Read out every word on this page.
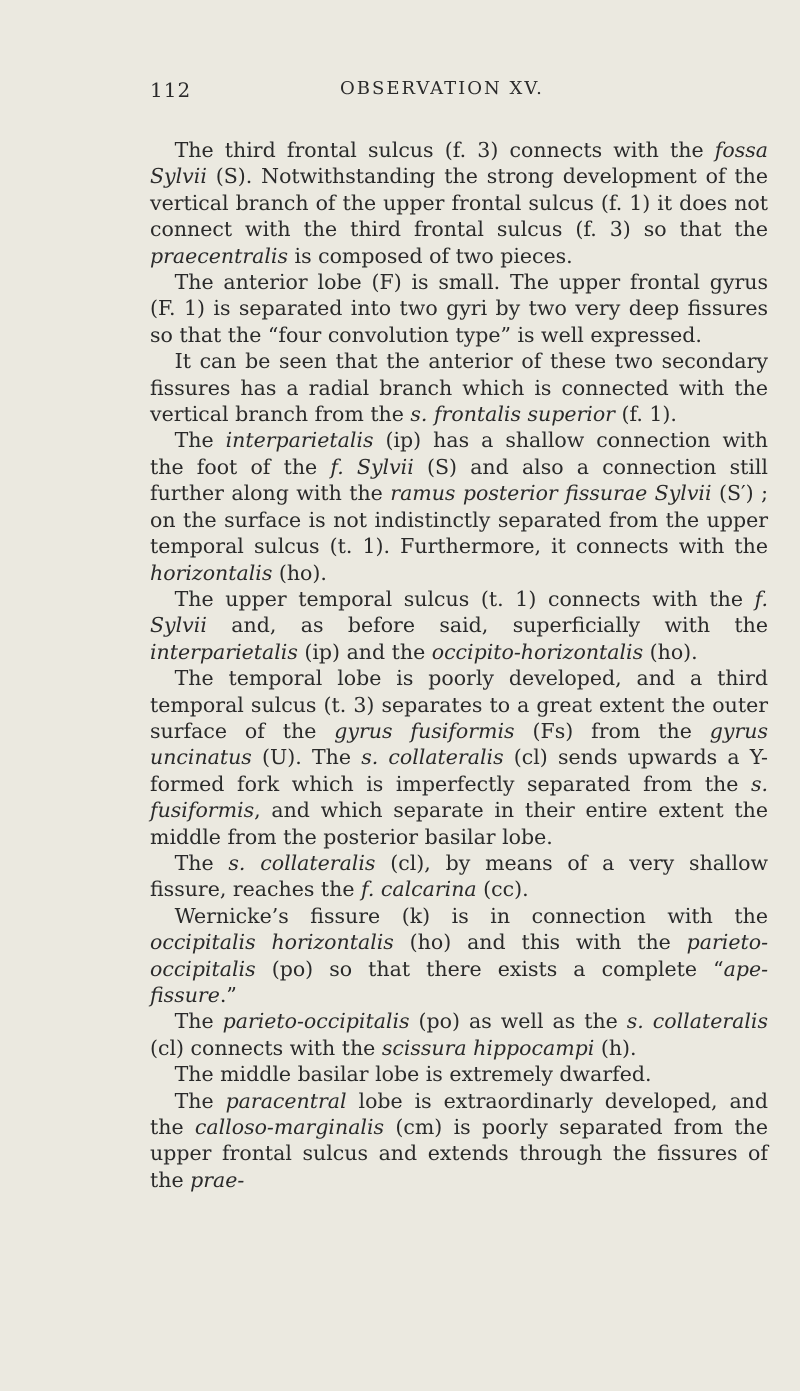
112	OBSERVATION XV.

The third frontal sulcus (f. 3) connects with the fossa Sylvii (S). Notwithstanding the strong development of the vertical branch of the upper frontal sulcus (f. 1) it does not connect with the third frontal sulcus (f. 3) so that the praecentralis is composed of two pieces.

The anterior lobe (F) is small. The upper frontal gyrus (F. 1) is separated into two gyri by two very deep fissures so that the “four convolution type” is well expressed.

It can be seen that the anterior of these two secondary fissures has a radial branch which is connected with the vertical branch from the s. frontalis superior (f. 1).

The interparietalis (ip) has a shallow connection with the foot of the f. Sylvii (S) and also a connection still further along with the ramus posterior fissurae Sylvii (S′) ; on the surface is not indistinctly separated from the upper temporal sulcus (t. 1). Furthermore, it connects with the horizontalis (ho).

The upper temporal sulcus (t. 1) connects with the f. Sylvii and, as before said, superficially with the interparietalis (ip) and the occipito-horizontalis (ho).

The temporal lobe is poorly developed, and a third temporal sulcus (t. 3) separates to a great extent the outer surface of the gyrus fusiformis (Fs) from the gyrus uncinatus (U). The s. collateralis (cl) sends upwards a Y-formed fork which is imperfectly separated from the s. fusiformis, and which separate in their entire extent the middle from the posterior basilar lobe.

The s. collateralis (cl), by means of a very shallow fissure, reaches the f. calcarina (cc).

Wernicke’s fissure (k) is in connection with the occipitalis horizontalis (ho) and this with the parieto-occipitalis (po) so that there exists a complete “ape-fissure.”

The parieto-occipitalis (po) as well as the s. collateralis (cl) connects with the scissura hippocampi (h).

The middle basilar lobe is extremely dwarfed.

The paracentral lobe is extraordinarly developed, and the calloso-marginalis (cm) is poorly separated from the upper frontal sulcus and extends through the fissures of the prae-
